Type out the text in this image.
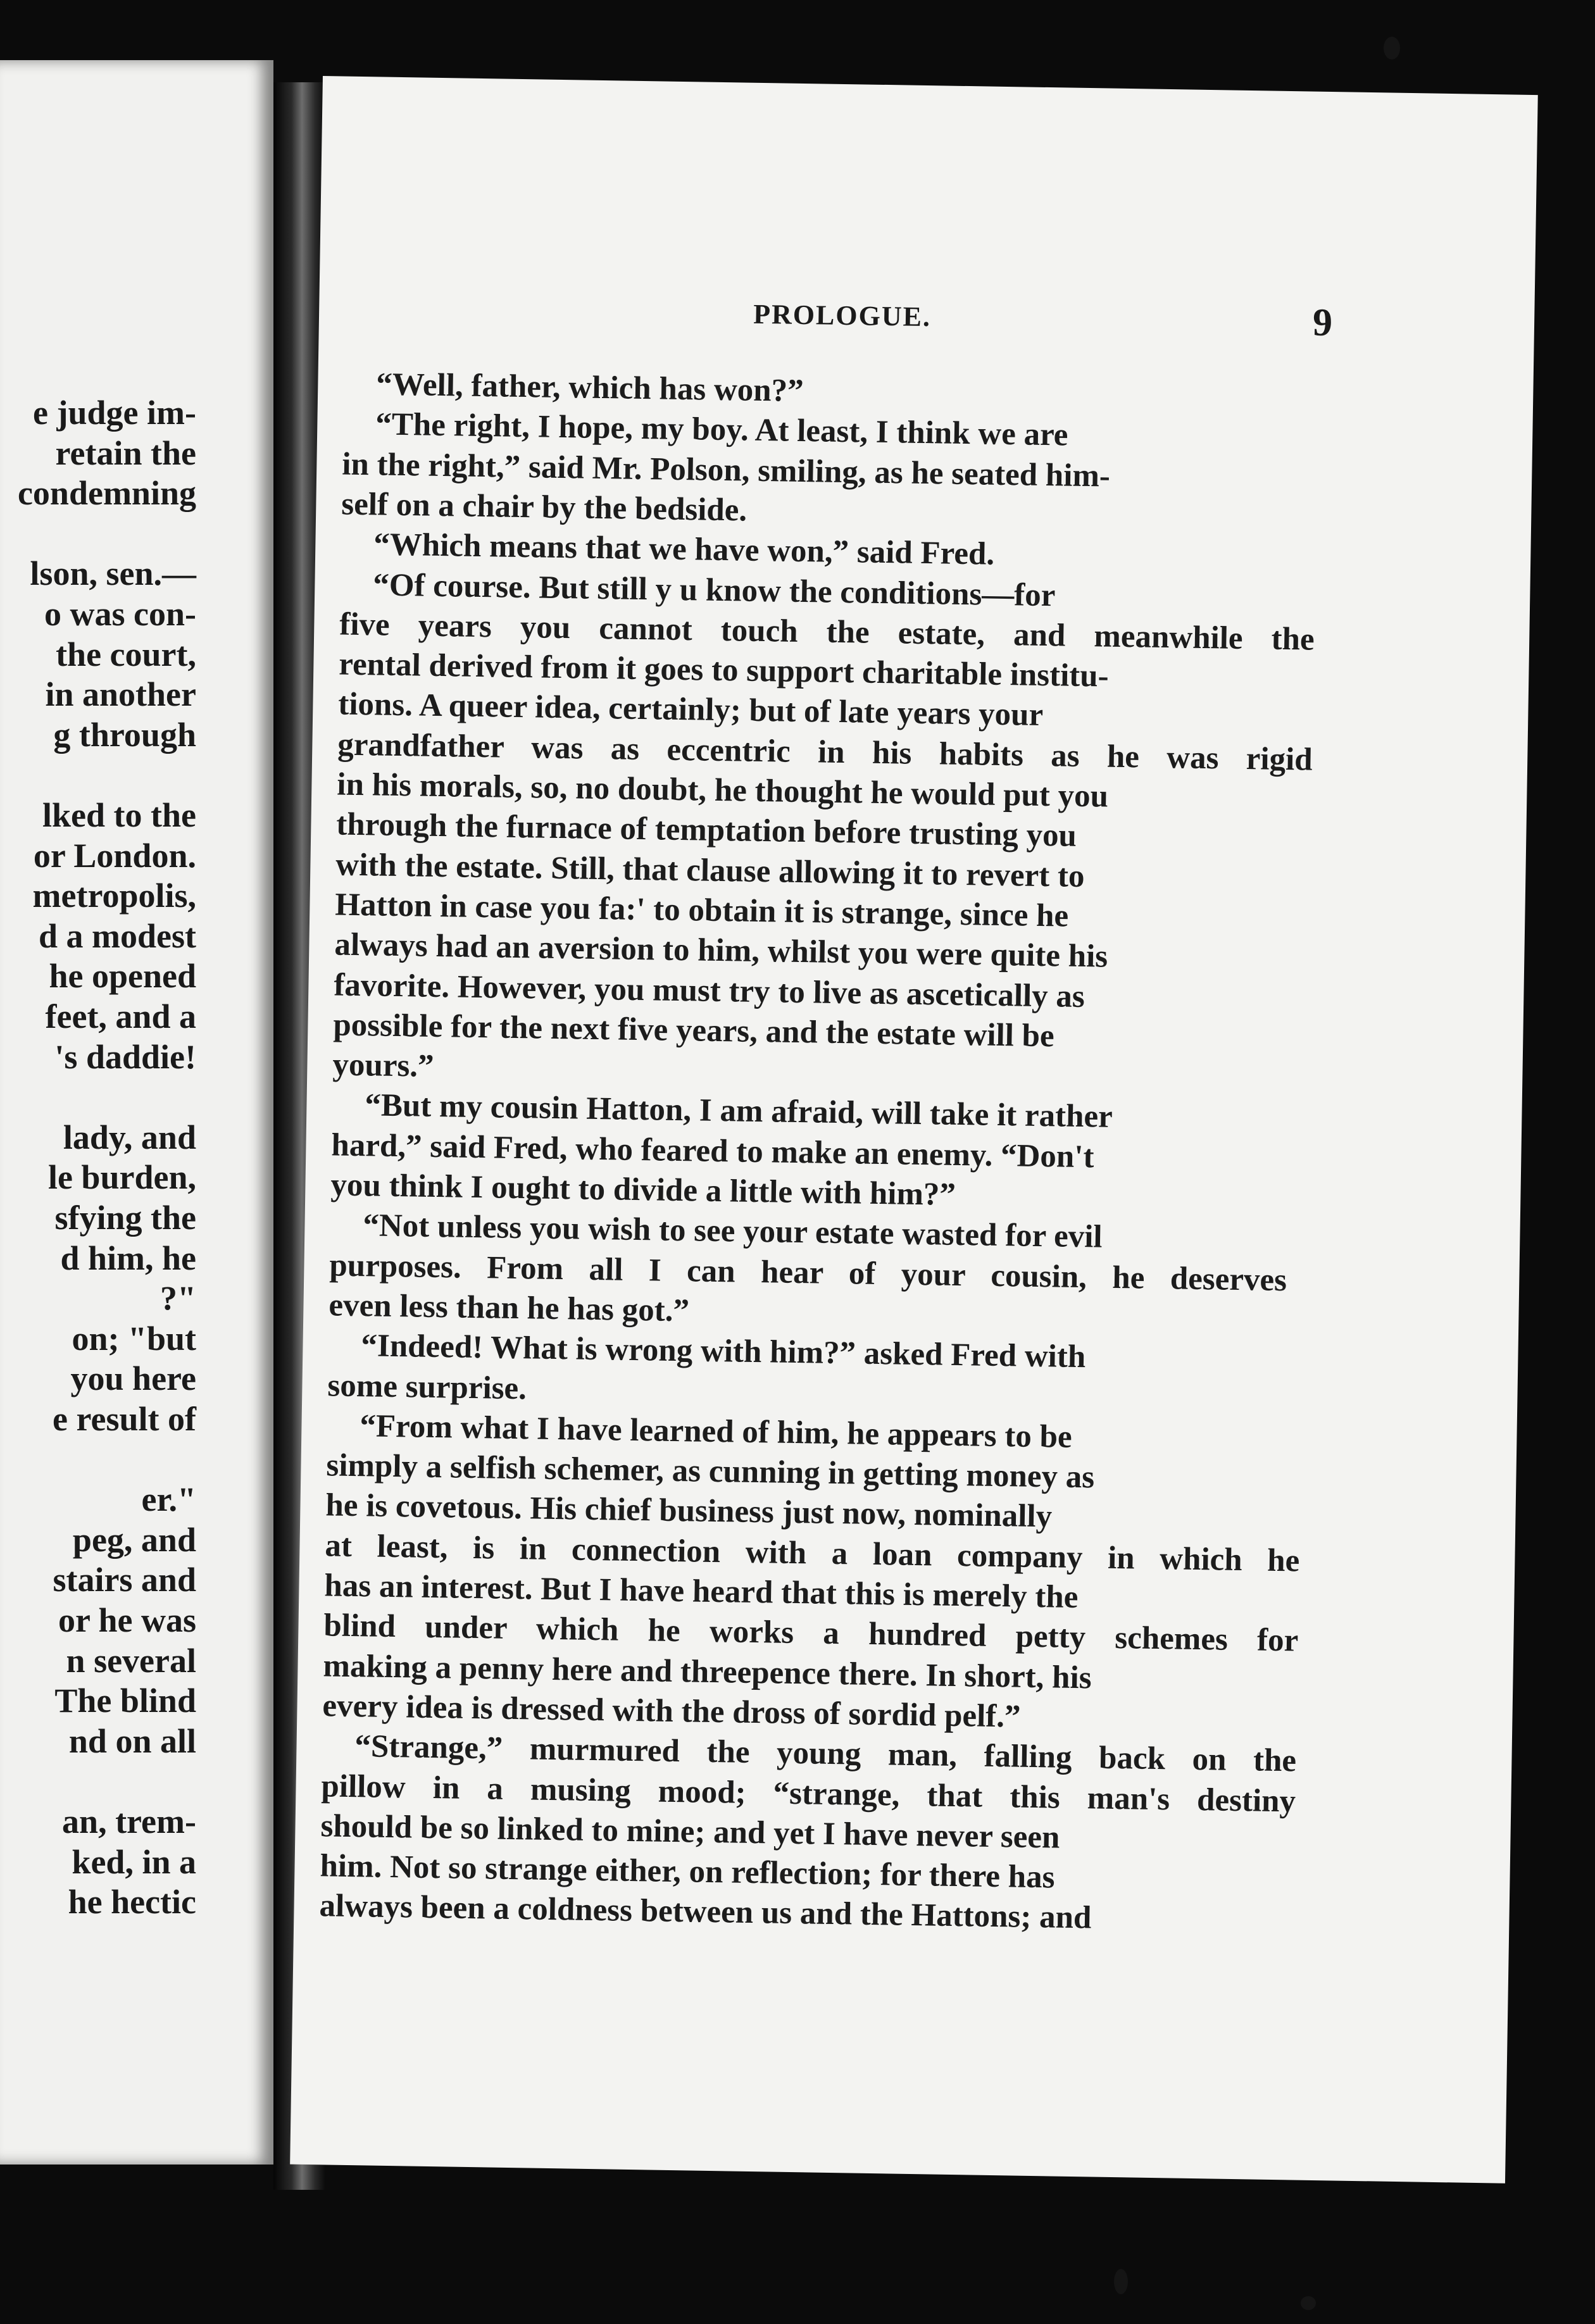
e judge im-
retain the
condemning
lson, sen.—
o was con-
the court,
in another
g through
lked to the
or London.
metropolis,
d a modest
he opened
feet, and a
's daddie!
lady, and
le burden,
sfying the
d him, he
?"
on; "but
you here
e result of
er."
peg, and
stairs and
or he was
n several
The blind
nd on all
an, trem-
ked, in a
he hectic
PROLOGUE.	9
“Well, father, which has won?”
“The right, I hope, my boy. At least, I think we are
in the right,” said Mr. Polson, smiling, as he seated him-
self on a chair by the bedside.
“Which means that we have won,” said Fred.
“Of course. But still y u know the conditions—for
five years you cannot touch the estate, and meanwhile the
rental derived from it goes to support charitable institu-
tions. A queer idea, certainly; but of late years your
grandfather was as eccentric in his habits as he was rigid
in his morals, so, no doubt, he thought he would put you
through the furnace of temptation before trusting you
with the estate. Still, that clause allowing it to revert to
Hatton in case you fa:' to obtain it is strange, since he
always had an aversion to him, whilst you were quite his
favorite. However, you must try to live as ascetically as
possible for the next five years, and the estate will be
yours.”
“But my cousin Hatton, I am afraid, will take it rather
hard,” said Fred, who feared to make an enemy. “Don't
you think I ought to divide a little with him?”
“Not unless you wish to see your estate wasted for evil
purposes. From all I can hear of your cousin, he deserves
even less than he has got.”
“Indeed! What is wrong with him?” asked Fred with
some surprise.
“From what I have learned of him, he appears to be
simply a selfish schemer, as cunning in getting money as
he is covetous. His chief business just now, nominally
at least, is in connection with a loan company in which he
has an interest. But I have heard that this is merely the
blind under which he works a hundred petty schemes for
making a penny here and threepence there. In short, his
every idea is dressed with the dross of sordid pelf.”
“Strange,” murmured the young man, falling back on the
pillow in a musing mood; “strange, that this man's destiny
should be so linked to mine; and yet I have never seen
him. Not so strange either, on reflection; for there has
always been a coldness between us and the Hattons; and
